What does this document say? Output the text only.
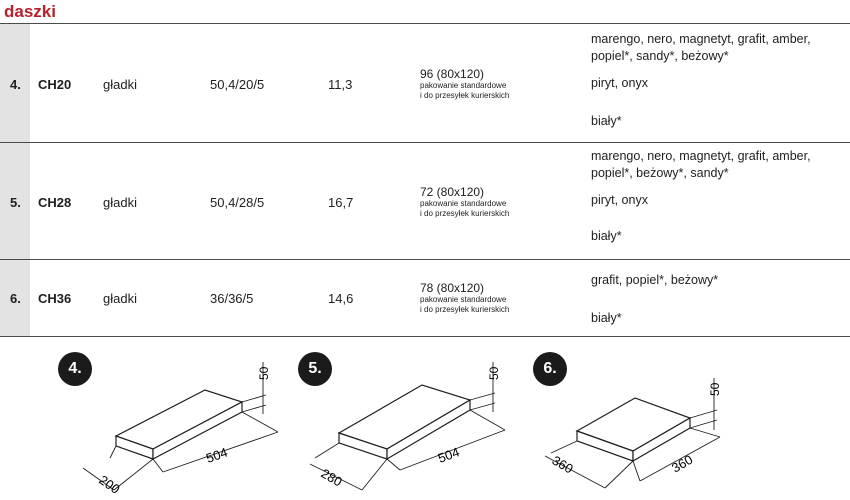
daszki
4. CH20 gładki	50,4/20/5	11,3
96 (80x120)
pakowanie standardowe
i do przesyłek kurierskich
marengo, nero, magnetyt, grafit, amber,
popiel*, sandy*, beżowy*
piryt, onyx
biały*
5. CH28 gładki	50,4/28/5	16,7
72 (80x120)
pakowanie standardowe
i do przesyłek kurierskich
marengo, nero, magnetyt, grafit, amber,
popiel*, beżowy*, sandy*
piryt, onyx
biały*
6. CH36 gładki	36/36/5	14,6
78 (80x120)
pakowanie standardowe
i do przesyłek kurierskich
grafit, popiel*, beżowy*
biały*
4.
200
504
50	5.
280
504
50	6.
360	360
50
